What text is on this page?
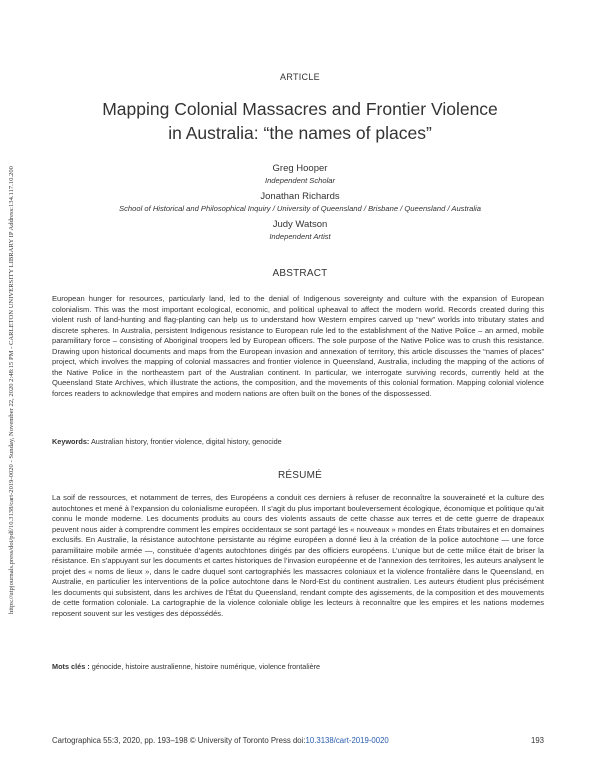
https://utpjournals.press/doi/pdf/10.3138/cart-2019-0020 - Sunday, November 22, 2020 2:48:15 PM - CARLETON UNIVERSITY LIBRARY IP Address:134.117.10.200
ARTICLE
Mapping Colonial Massacres and Frontier Violence
in Australia: “the names of places”
Greg Hooper
Independent Scholar
Jonathan Richards
School of Historical and Philosophical Inquiry / University of Queensland / Brisbane / Queensland / Australia
Judy Watson
Independent Artist
ABSTRACT

European hunger for resources, particularly land, led to the denial of Indigenous sovereignty and culture with the expansion of European colonialism. This was the most important ecological, economic, and political upheaval to affect the modern world. Records created during this violent rush of land-hunting and flag-planting can help us to understand how Western empires carved up “new” worlds into tributary states and discrete spheres. In Australia, persistent Indigenous resistance to European rule led to the establishment of the Native Police – an armed, mobile paramilitary force – consisting of Aboriginal troopers led by European officers. The sole purpose of the Native Police was to crush this resistance. Drawing upon historical documents and maps from the European invasion and annexation of territory, this article discusses the “names of places” project, which involves the mapping of colonial massacres and frontier violence in Queensland, Australia, including the mapping of the actions of the Native Police in the northeastern part of the Australian continent. In particular, we interrogate surviving records, currently held at the Queensland State Archives, which illustrate the actions, the composition, and the movements of this colonial formation. Mapping colonial violence forces readers to acknowledge that empires and modern nations are often built on the bones of the dispossessed.

Keywords: Australian history, frontier violence, digital history, genocide

RÉSUMÉ

La soif de ressources, et notamment de terres, des Européens a conduit ces derniers à refuser de reconnaître la souveraineté et la culture des autochtones et mené à l’expansion du colonialisme européen. Il s’agit du plus important bouleversement écologique, économique et politique qu’ait connu le monde moderne. Les documents produits au cours des violents assauts de cette chasse aux terres et de cette guerre de drapeaux peuvent nous aider à comprendre comment les empires occidentaux se sont partagé les « nouveaux » mondes en États tributaires et en domaines exclusifs. En Australie, la résistance autochtone persistante au régime européen a donné lieu à la création de la police autochtone — une force paramilitaire mobile armée —, constituée d’agents autochtones dirigés par des officiers européens. L’unique but de cette milice était de briser la résistance. En s’appuyant sur les documents et cartes historiques de l’invasion européenne et de l’annexion des territoires, les auteurs analysent le projet des « noms de lieux », dans le cadre duquel sont cartographiés les massacres coloniaux et la violence frontalière dans le Queensland, en Australie, en particulier les interventions de la police autochtone dans le Nord-Est du continent australien. Les auteurs étudient plus précisément les documents qui subsistent, dans les archives de l’État du Queensland, rendant compte des agissements, de la composition et des mouvements de cette formation coloniale. La cartographie de la violence coloniale oblige les lecteurs à reconnaître que les empires et les nations modernes reposent souvent sur les vestiges des dépossédés.

Mots clés : génocide, histoire australienne, histoire numérique, violence frontalière

Cartographica 55:3, 2020, pp. 193–198 © University of Toronto Press doi:10.3138/cart-2019-0020	193
